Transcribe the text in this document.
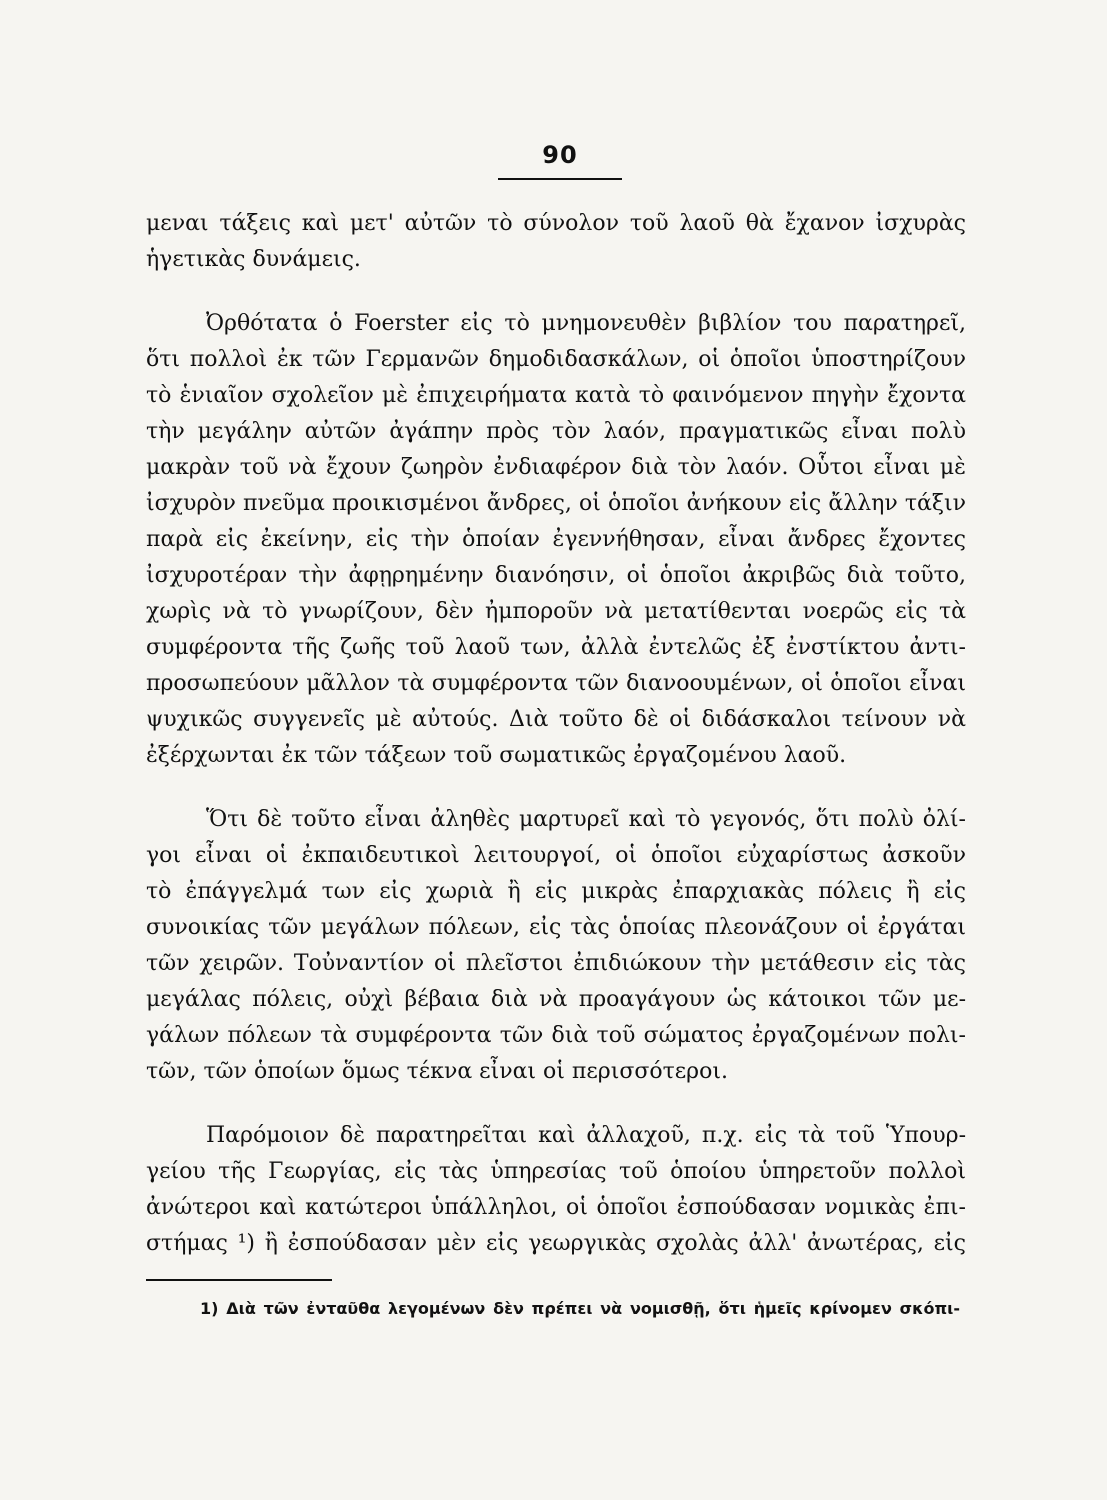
90
μεναι τάξεις καὶ μετ' αὐτῶν τὸ σύνολον τοῦ λαοῦ θὰ ἔχανον ἰσχυρὰς
ἡγετικὰς δυνάμεις.
Ὀρθότατα ὁ Foerster εἰς τὸ μνημονευθὲν βιβλίον του παρατηρεῖ,
ὅτι πολλοὶ ἐκ τῶν Γερμανῶν δημοδιδασκάλων, οἱ ὁποῖοι ὑποστηρίζουν
τὸ ἑνιαῖον σχολεῖον μὲ ἐπιχειρήματα κατὰ τὸ φαινόμενον πηγὴν ἔχοντα
τὴν μεγάλην αὐτῶν ἀγάπην πρὸς τὸν λαόν, πραγματικῶς εἶναι πολὺ
μακρὰν τοῦ νὰ ἔχουν ζωηρὸν ἐνδιαφέρον διὰ τὸν λαόν. Οὗτοι εἶναι μὲ
ἰσχυρὸν πνεῦμα προικισμένοι ἄνδρες, οἱ ὁποῖοι ἀνήκουν εἰς ἄλλην τάξιν
παρὰ εἰς ἐκείνην, εἰς τὴν ὁποίαν ἐγεννήθησαν, εἶναι ἄνδρες ἔχοντες
ἰσχυροτέραν τὴν ἀφῃρημένην διανόησιν, οἱ ὁποῖοι ἀκριβῶς διὰ τοῦτο,
χωρὶς νὰ τὸ γνωρίζουν, δὲν ἠμποροῦν νὰ μετατίθενται νοερῶς εἰς τὰ
συμφέροντα τῆς ζωῆς τοῦ λαοῦ των, ἀλλὰ ἐντελῶς ἐξ ἐνστίκτου ἀντι-
προσωπεύουν μᾶλλον τὰ συμφέροντα τῶν διανοουμένων, οἱ ὁποῖοι εἶναι
ψυχικῶς συγγενεῖς μὲ αὐτούς. Διὰ τοῦτο δὲ οἱ διδάσκαλοι τείνουν νὰ
ἐξέρχωνται ἐκ τῶν τάξεων τοῦ σωματικῶς ἐργαζομένου λαοῦ.
Ὅτι δὲ τοῦτο εἶναι ἀληθὲς μαρτυρεῖ καὶ τὸ γεγονός, ὅτι πολὺ ὀλί-
γοι εἶναι οἱ ἐκπαιδευτικοὶ λειτουργοί, οἱ ὁποῖοι εὐχαρίστως ἀσκοῦν
τὸ ἐπάγγελμά των εἰς χωριὰ ἢ εἰς μικρὰς ἐπαρχιακὰς πόλεις ἢ εἰς
συνοικίας τῶν μεγάλων πόλεων, εἰς τὰς ὁποίας πλεονάζουν οἱ ἐργάται
τῶν χειρῶν. Τοὐναντίον οἱ πλεῖστοι ἐπιδιώκουν τὴν μετάθεσιν εἰς τὰς
μεγάλας πόλεις, οὐχὶ βέβαια διὰ νὰ προαγάγουν ὡς κάτοικοι τῶν με-
γάλων πόλεων τὰ συμφέροντα τῶν διὰ τοῦ σώματος ἐργαζομένων πολι-
τῶν, τῶν ὁποίων ὅμως τέκνα εἶναι οἱ περισσότεροι.
Παρόμοιον δὲ παρατηρεῖται καὶ ἀλλαχοῦ, π.χ. εἰς τὰ τοῦ Ὑπουρ-
γείου τῆς Γεωργίας, εἰς τὰς ὑπηρεσίας τοῦ ὁποίου ὑπηρετοῦν πολλοὶ
ἀνώτεροι καὶ κατώτεροι ὑπάλληλοι, οἱ ὁποῖοι ἐσπούδασαν νομικὰς ἐπι-
στήμας ¹) ἢ ἐσπούδασαν μὲν εἰς γεωργικὰς σχολὰς ἀλλ' ἀνωτέρας, εἰς
1) Διὰ τῶν ἐνταῦθα λεγομένων δὲν πρέπει νὰ νομισθῇ, ὅτι ἡμεῖς κρίνομεν σκόπι-
